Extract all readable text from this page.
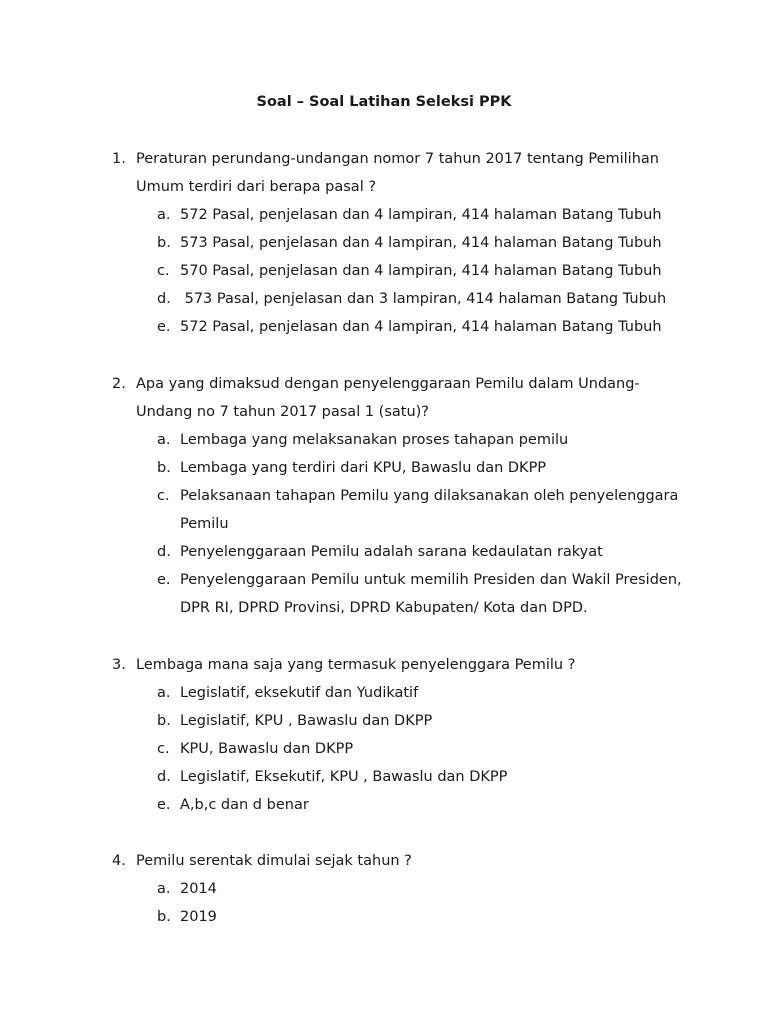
Soal – Soal Latihan Seleksi PPK
1. Peraturan perundang-undangan nomor 7 tahun 2017 tentang Pemilihan Umum terdiri dari berapa pasal ?
a. 572 Pasal, penjelasan dan 4 lampiran, 414 halaman Batang Tubuh
b. 573 Pasal, penjelasan dan 4 lampiran, 414 halaman Batang Tubuh
c. 570 Pasal, penjelasan dan 4 lampiran, 414 halaman Batang Tubuh
d. 573 Pasal, penjelasan dan 3 lampiran, 414 halaman Batang Tubuh
e. 572 Pasal, penjelasan dan 4 lampiran, 414 halaman Batang Tubuh
2. Apa yang dimaksud dengan penyelenggaraan Pemilu dalam Undang-Undang no 7 tahun 2017 pasal 1 (satu)?
a. Lembaga yang melaksanakan proses tahapan pemilu
b. Lembaga yang terdiri dari KPU, Bawaslu dan DKPP
c. Pelaksanaan tahapan Pemilu yang dilaksanakan oleh penyelenggara Pemilu
d. Penyelenggaraan Pemilu adalah sarana kedaulatan rakyat
e. Penyelenggaraan Pemilu untuk memilih Presiden dan Wakil Presiden, DPR RI, DPRD Provinsi, DPRD Kabupaten/ Kota dan DPD.
3. Lembaga mana saja yang termasuk penyelenggara Pemilu ?
a. Legislatif, eksekutif dan Yudikatif
b. Legislatif, KPU , Bawaslu dan DKPP
c. KPU, Bawaslu dan DKPP
d. Legislatif, Eksekutif, KPU , Bawaslu dan DKPP
e. A,b,c dan d benar
4. Pemilu serentak dimulai sejak tahun ?
a. 2014
b. 2019
